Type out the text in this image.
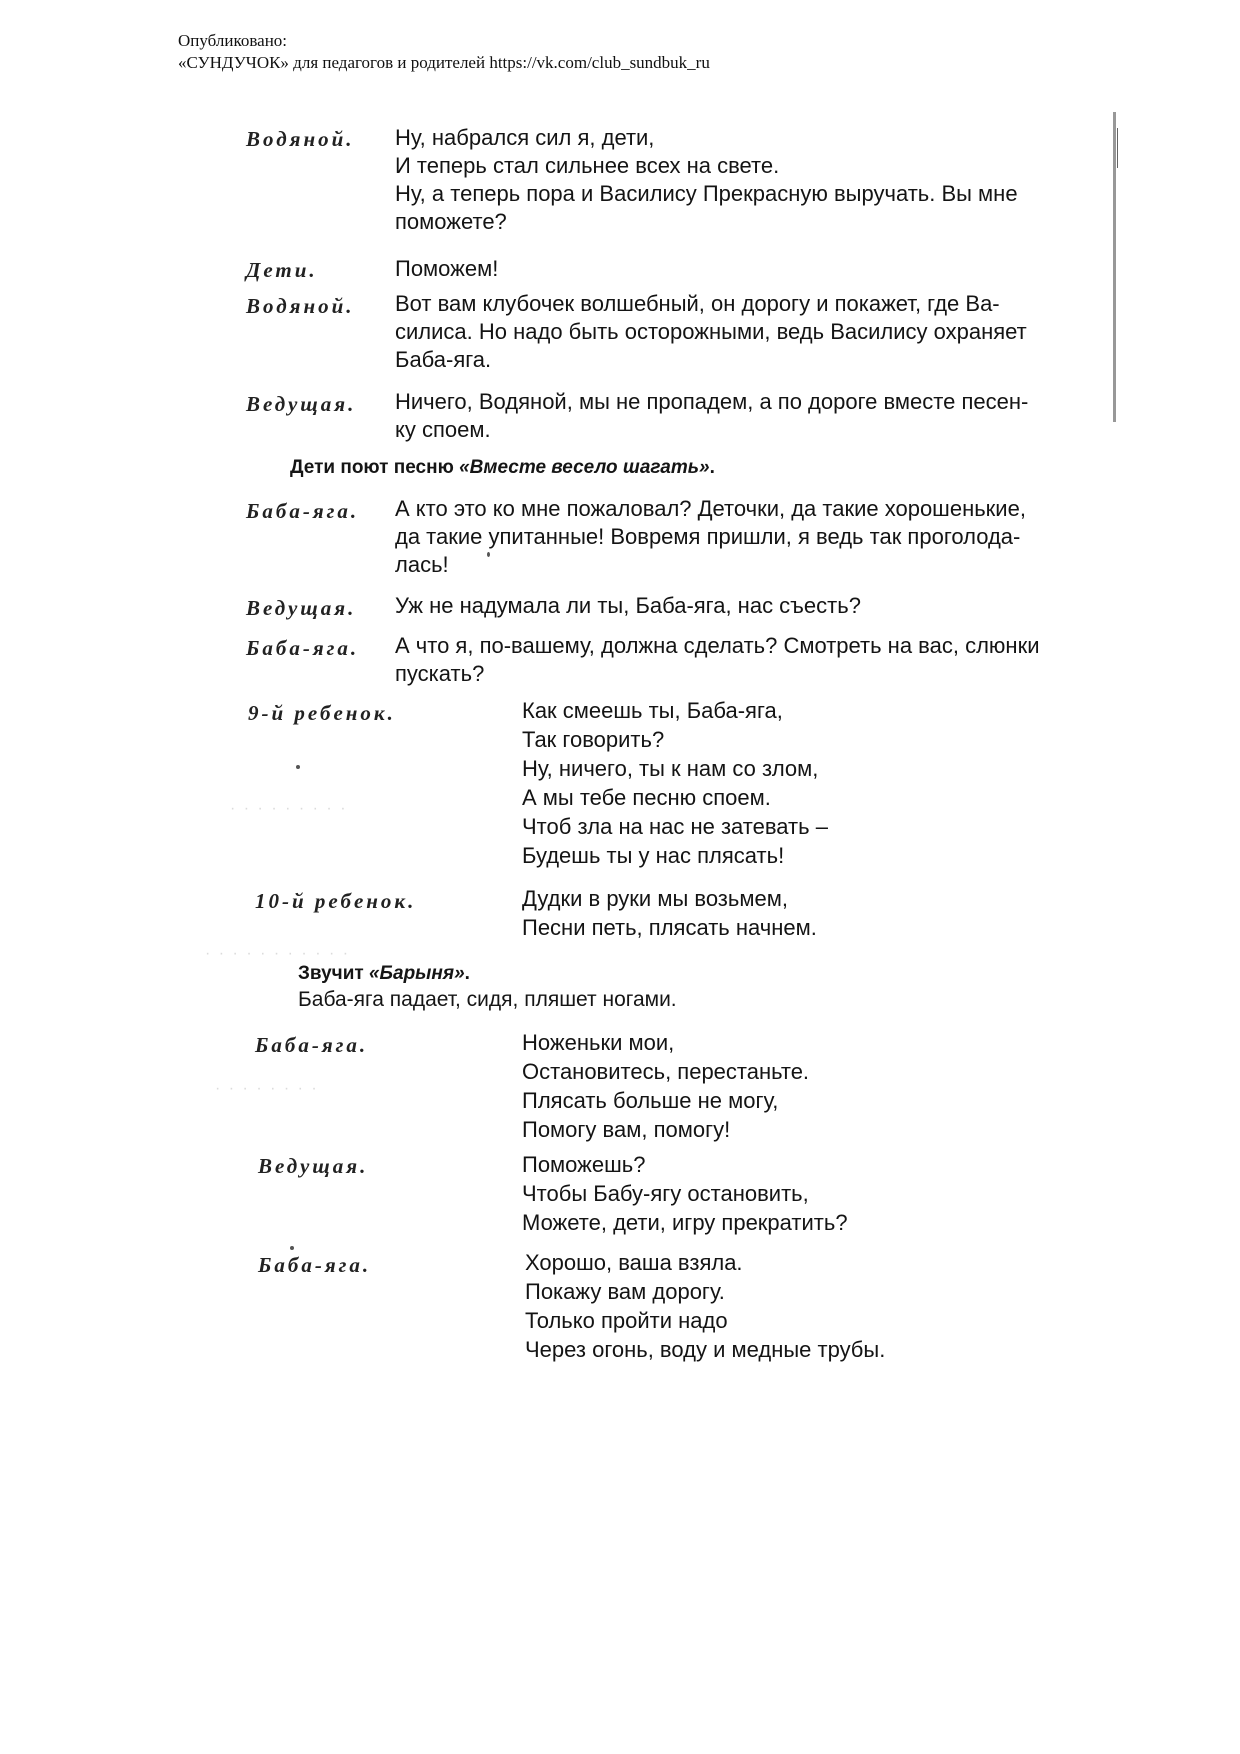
Опубликовано:
«СУНДУЧОК» для педагогов и родителей https://vk.com/club_sundbuk_ru
· · · · · · · · ·
· · · · · · · · · · ·
· · · · · · · ·
Водяной. Ну, набрался сил я, дети,
И теперь стал сильнее всех на свете.
Ну, а теперь пора и Василису Прекрасную выручать. Вы мне
поможете?
Дети.	Поможем!
Водяной. Вот вам клубочек волшебный, он дорогу и покажет, где Ва-
силиса. Но надо быть осторожными, ведь Василису охраняет
Баба-яга.
Ведущая. Ничего, Водяной, мы не пропадем, а по дороге вместе песен-
ку споем.
Дети поют песню «Вместе весело шагать».
Баба-яга. А кто это ко мне пожаловал? Деточки, да такие хорошенькие,
да такие упитанные! Вовремя пришли, я ведь так проголода-
лась!
Ведущая. Уж не надумала ли ты, Баба-яга, нас съесть?
Баба-яга. А что я, по-вашему, должна сделать? Смотреть на вас, слюнки
пускать?
9-й ребенок.	Как смеешь ты, Баба-яга,
Так говорить?
Ну, ничего, ты к нам со злом,
А мы тебе песню споем.
Чтоб зла на нас не затевать –
Будешь ты у нас плясать!
10-й ребенок.	Дудки в руки мы возьмем,
Песни петь, плясать начнем.
Звучит «Барыня».
Баба-яга падает, сидя, пляшет ногами.
Баба-яга.	Ноженьки мои,
Остановитесь, перестаньте.
Плясать больше не могу,
Помогу вам, помогу!
Ведущая.	Поможешь?
Чтобы Бабу-ягу остановить,
Можете, дети, игру прекратить?
Баба-яга.	Хорошо, ваша взяла.
Покажу вам дорогу.
Только пройти надо
Через огонь, воду и медные трубы.
